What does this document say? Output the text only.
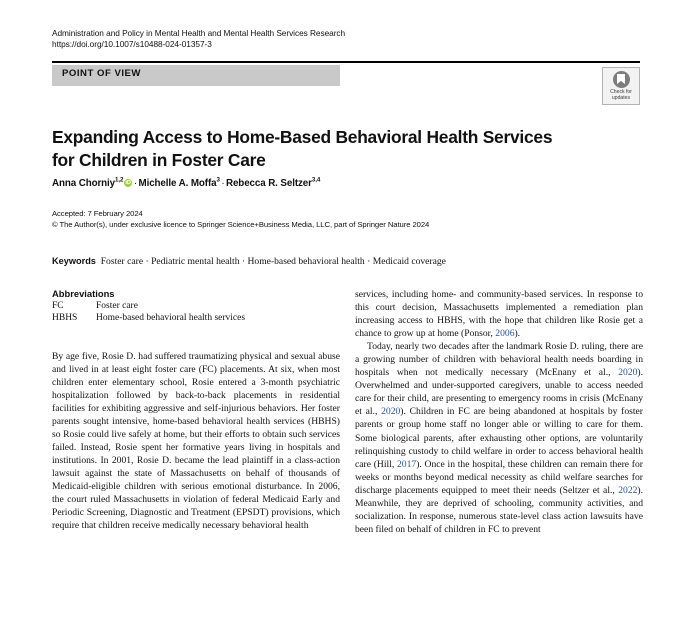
Administration and Policy in Mental Health and Mental Health Services Research
https://doi.org/10.1007/s10488-024-01357-3
POINT OF VIEW
Check for
updates
Expanding Access to Home-Based Behavioral Health Services for Children in Foster Care
Anna Chorniy$^{1,2}$ iD · Michelle A. Moffa$^3$ · Rebecca R. Seltzer$^{3,4}$
Accepted: 7 February 2024
© The Author(s), under exclusive licence to Springer Science+Business Media, LLC, part of Springer Nature 2024
Keywords Foster care · Pediatric mental health · Home-based behavioral health · Medicaid coverage
Abbreviations
FC	Foster care
HBHS	Home-based behavioral health services

By age five, Rosie D. had suffered traumatizing physical and sexual abuse and lived in at least eight foster care (FC) placements. At six, when most children enter elementary school, Rosie entered a 3-month psychiatric hospitalization followed by back-to-back placements in residential facilities for exhibiting aggressive and self-injurious behaviors. Her foster parents sought intensive, home-based behavioral health services (HBHS) so Rosie could live safely at home, but their efforts to obtain such services failed. Instead, Rosie spent her formative years living in hospitals and institutions. In 2001, Rosie D. became the lead plaintiff in a class-action lawsuit against the state of Massachusetts on behalf of thousands of Medicaid-eligible children with serious emotional disturbance. In 2006, the court ruled Massachusetts in violation of federal Medicaid Early and Periodic Screening, Diagnostic and Treatment (EPSDT) provisions, which require that children receive medically necessary behavioral health

services, including home- and community-based services. In response to this court decision, Massachusetts implemented a remediation plan increasing access to HBHS, with the hope that children like Rosie get a chance to grow up at home (Ponsor, 2006).

Today, nearly two decades after the landmark Rosie D. ruling, there are a growing number of children with behavioral health needs boarding in hospitals when not medically necessary (McEnany et al., 2020). Overwhelmed and under-supported caregivers, unable to access needed care for their child, are presenting to emergency rooms in crisis (McEnany et al., 2020). Children in FC are being abandoned at hospitals by foster parents or group home staff no longer able or willing to care for them. Some biological parents, after exhausting other options, are voluntarily relinquishing custody to child welfare in order to access behavioral health care (Hill, 2017). Once in the hospital, these children can remain there for weeks or months beyond medical necessity as child welfare searches for discharge placements equipped to meet their needs (Seltzer et al., 2022). Meanwhile, they are deprived of schooling, community activities, and socialization. In response, numerous state-level class action lawsuits have been filed on behalf of children in FC to prevent
